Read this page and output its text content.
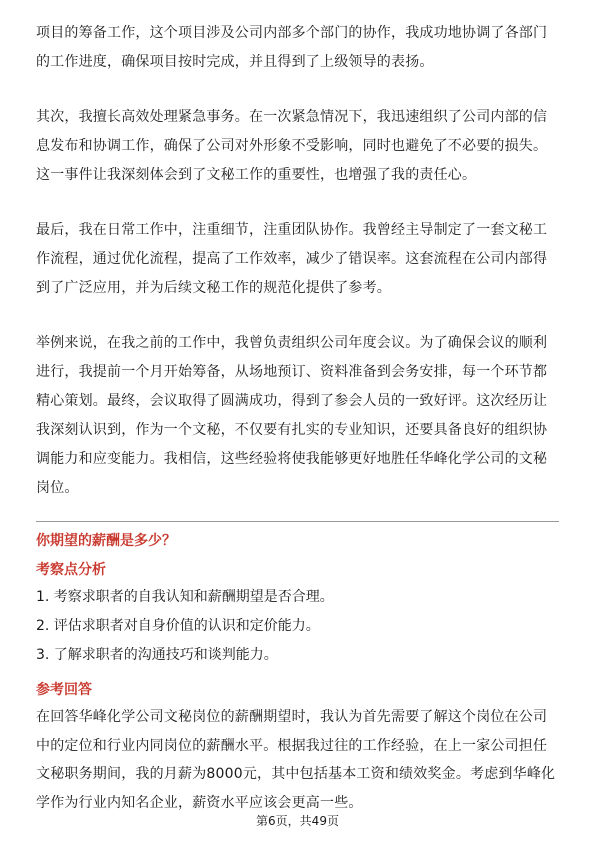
项目的筹备工作，这个项目涉及公司内部多个部门的协作，我成功地协调了各部门
的工作进度，确保项目按时完成，并且得到了上级领导的表扬。

其次，我擅长高效处理紧急事务。在一次紧急情况下，我迅速组织了公司内部的信
息发布和协调工作，确保了公司对外形象不受影响，同时也避免了不必要的损失。
这一事件让我深刻体会到了文秘工作的重要性，也增强了我的责任心。

最后，我在日常工作中，注重细节，注重团队协作。我曾经主导制定了一套文秘工
作流程，通过优化流程，提高了工作效率，减少了错误率。这套流程在公司内部得
到了广泛应用，并为后续文秘工作的规范化提供了参考。

举例来说，在我之前的工作中，我曾负责组织公司年度会议。为了确保会议的顺利
进行，我提前一个月开始筹备，从场地预订、资料准备到会务安排，每一个环节都
精心策划。最终，会议取得了圆满成功，得到了参会人员的一致好评。这次经历让
我深刻认识到，作为一个文秘，不仅要有扎实的专业知识，还要具备良好的组织协
调能力和应变能力。我相信，这些经验将使我能够更好地胜任华峰化学公司的文秘
岗位。

你期望的薪酬是多少？
考察点分析
1. 考察求职者的自我认知和薪酬期望是否合理。
2. 评估求职者对自身价值的认识和定价能力。
3. 了解求职者的沟通技巧和谈判能力。
参考回答

在回答华峰化学公司文秘岗位的薪酬期望时，我认为首先需要了解这个岗位在公司
中的定位和行业内同岗位的薪酬水平。根据我过往的工作经验，在上一家公司担任
文秘职务期间，我的月薪为8000元，其中包括基本工资和绩效奖金。考虑到华峰化
学作为行业内知名企业，薪资水平应该会更高一些。

第6页，共49页
